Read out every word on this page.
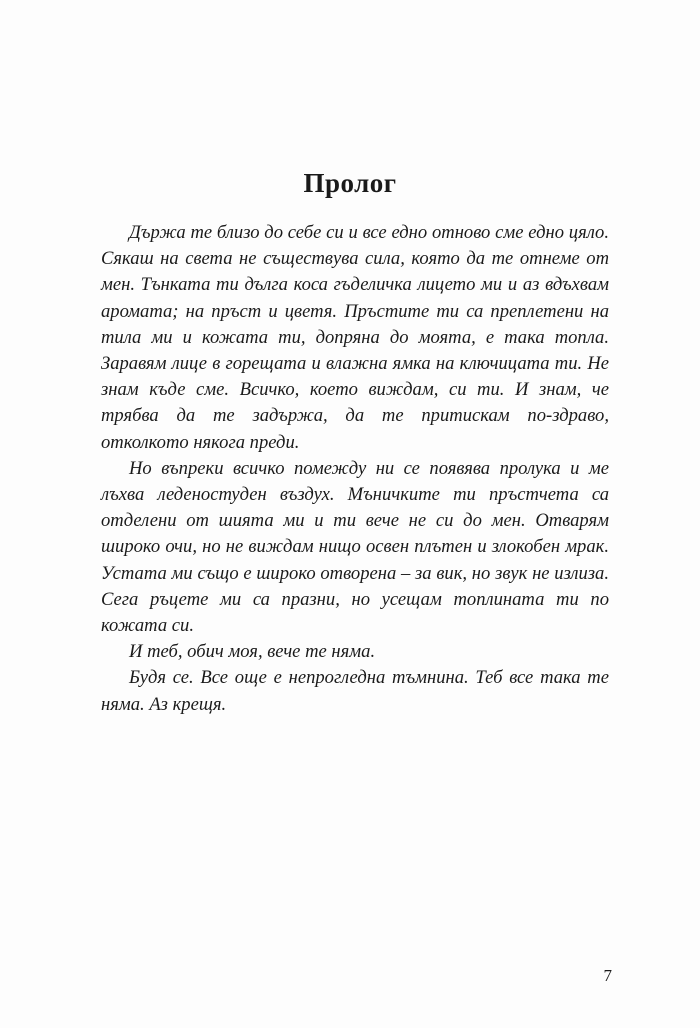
Пролог

Държа те близо до себе си и все едно отново сме едно цяло. Сякаш на света не съществува сила, която да те отнеме от мен. Тънката ти дълга коса гъделичка лицето ми и аз вдъхвам аромата; на пръст и цветя. Пръстите ти са преплетени на тила ми и кожата ти, допряна до моята, е така топла. Заравям лице в горещата и влажна ямка на ключицата ти. Не знам къде сме. Всичко, което виждам, си ти. И знам, че трябва да те задържа, да те притискам по-здраво, отколкото някога преди.

Но въпреки всичко помежду ни се появява пролука и ме лъхва леденостуден въздух. Мъничките ти пръстчета са отделени от шията ми и ти вече не си до мен. Отварям широко очи, но не виждам нищо освен плътен и злокобен мрак. Устата ми също е широко отворена – за вик, но звук не излиза. Сега ръцете ми са празни, но усещам топлината ти по кожата си.

И теб, обич моя, вече те няма.

Будя се. Все още е непрогледна тъмнина. Теб все така те няма. Аз крещя.

7
